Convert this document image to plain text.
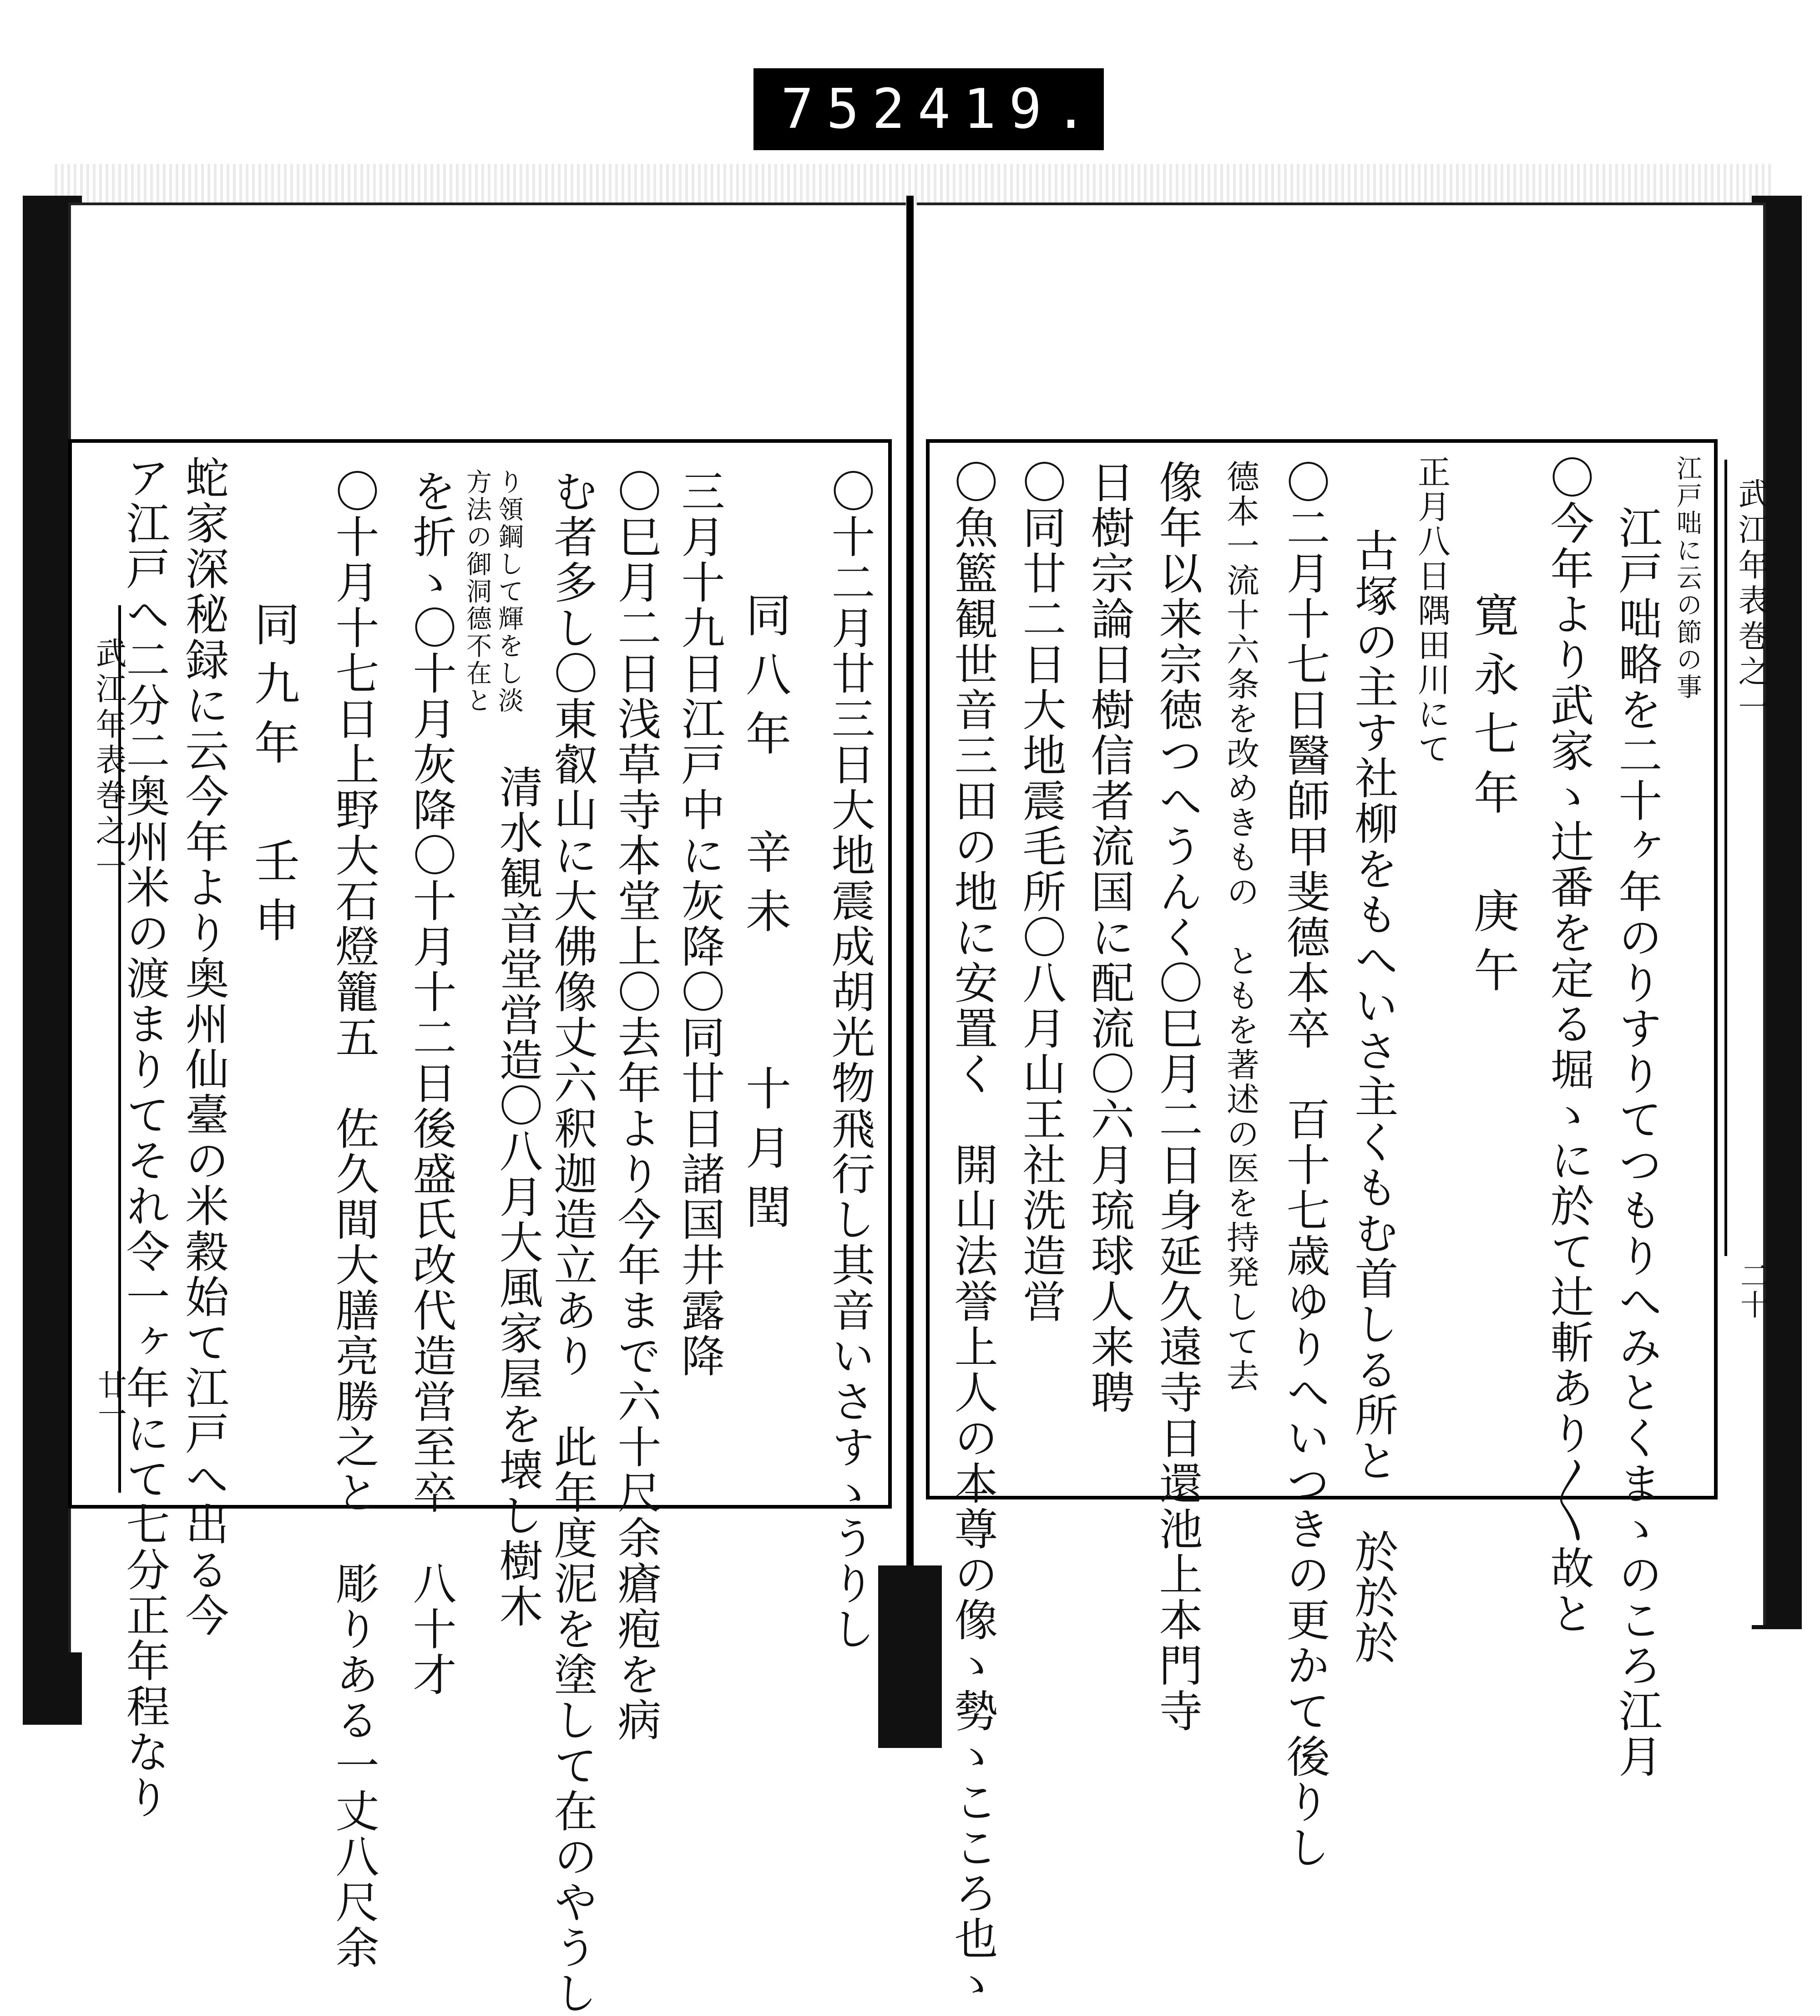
752 419.
武江年表巻之一
二十
江戸咄に云の節の事
江戸咄略を二十ヶ年のりすりてつもりへみとくまゝのころ江月
〇今年より武家ゝ辻番を定る堀ゝに於て辻斬あり〳〵故と
寛永七年　庚午
正月八日隅田川にて
古塚の主す社柳をもへいさ主くもむ首しる所と　於於於
〇二月十七日醫師甲斐德本卒　百十七歳ゆりへいつきの更かて後りし
德本一流十六条を改めきもの　ともを著述の医を持発して去
像年以来宗徳つへうんく〇巳月二日身延久遠寺日還池上本門寺
日樹宗論日樹信者流国に配流〇六月琉球人来聘
〇同廿二日大地震毛所〇八月山王社洗造営
〇魚籃観世音三田の地に安置く　開山法誉上人の本尊の像ゝ勢ゝこころ也ゝ
武江年表巻之一
廿一	〇十二月廿三日大地震成胡光物飛行し其音いさすゝうりし
同八年　辛未　　十月閏
三月十九日江戸中に灰降〇同廿日諸国井露降
〇巳月二日浅草寺本堂上〇去年より今年まで六十尺余瘡疱を病
む者多し〇東叡山に大佛像丈六釈迦造立あり　此年度泥を塗して在のやうし
り領鋼して輝をし淡
方法の御洞德不在と
を折ゝ〇十月灰降〇十月十二日後盛氏改代造営至卒　八十才 清水観音堂営造〇八月大風家屋を壊し樹木
〇十月十七日上野大石燈籠五　佐久間大膳亮勝之と　彫りある一丈八尺余
同九年　壬申
蛇家深秘録に云今年より奥州仙臺の米穀始て江戸へ出る今
ア江戸へ二分二奥州米の渡まりてそれ令一ヶ年にて七分正年程なり
